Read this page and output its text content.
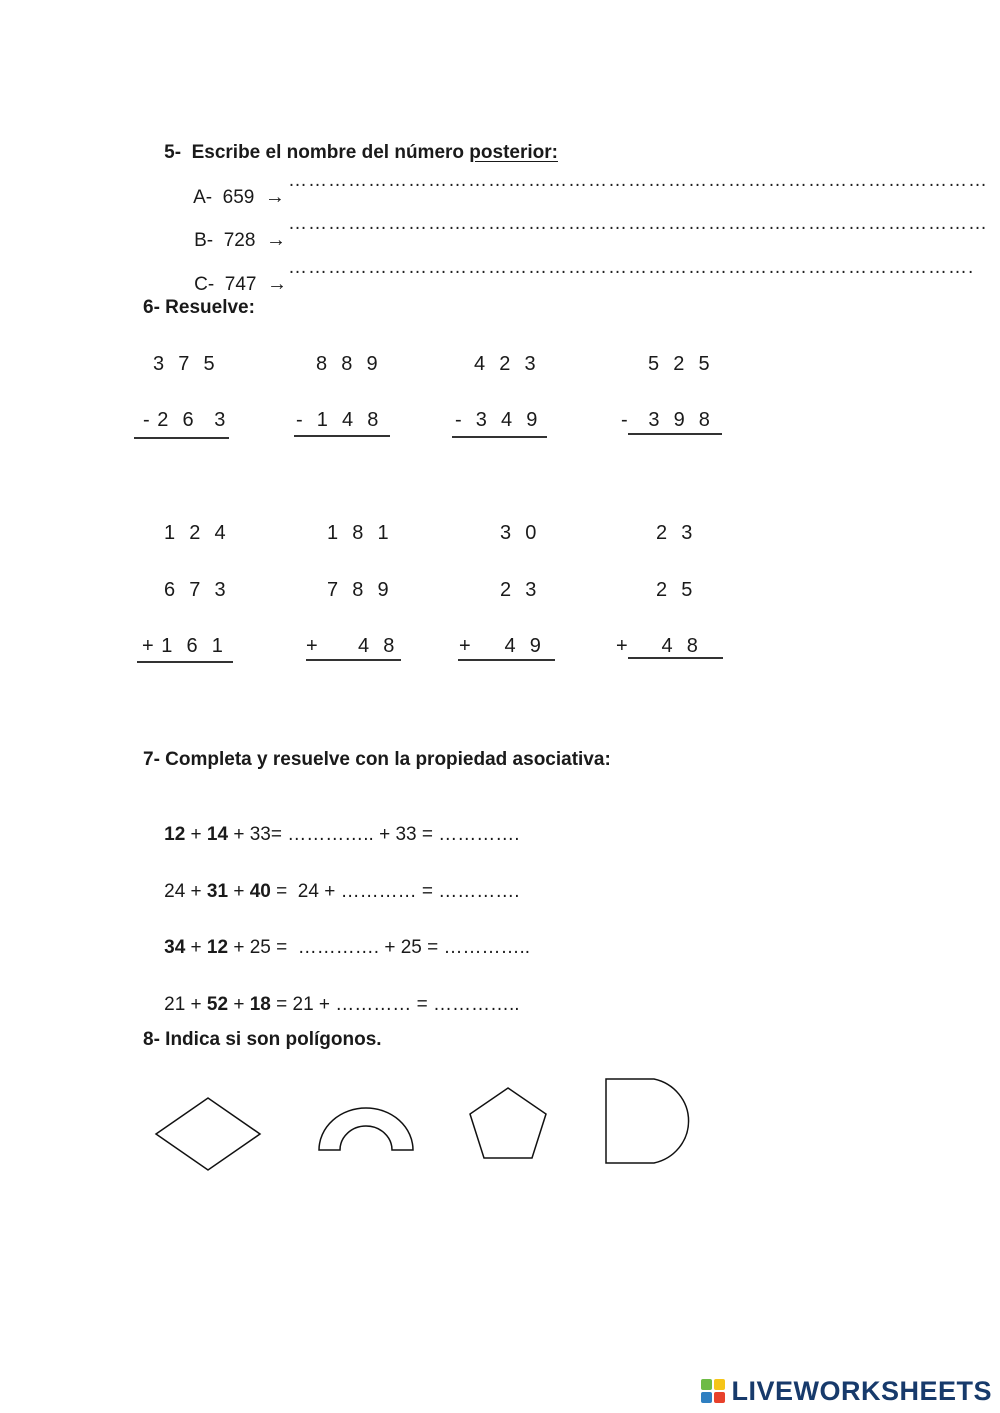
5- Escribe el nombre del número posterior:

A- 659 →

……………………………………………………………………………………………

B- 728 →

……………………………………………………………………………………………

C- 747 →

………………………………………………………………………………………….
6- Resuelve:
3  7  5
- 2  6   3
8  8  9
-  1  4  8
4  2  3
-  3  4  9
5  2  5
-   3  9  8
1  2  4
6  7  3
+ 1  6  1
1  8  1
7  8  9
+      4  8
3  0
2  3
+     4  9
2  3
2  5
+     4  8
7- Completa y resuelve con la propiedad asociativa:

12 + 14 + 33= ………….. + 33 = ………….

24 + 31 + 40 =  24 + ………… = ………….

34 + 12 + 25 =  …………. + 25 = …………..

21 + 52 + 18 = 21 + ………… = …………..

8- Indica si son polígonos.
LIVEWORKSHEETS
